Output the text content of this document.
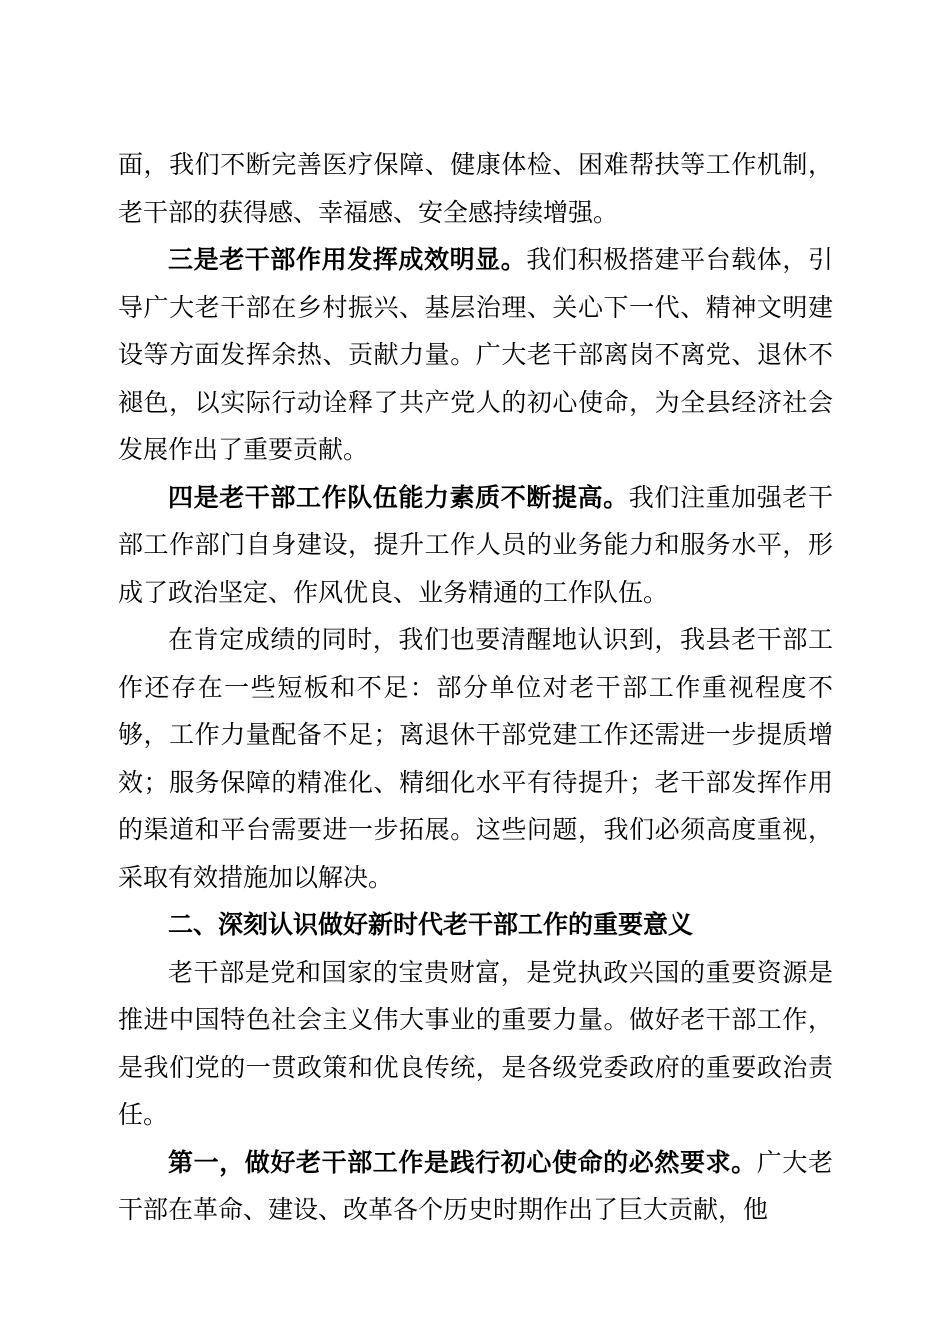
面，我们不断完善医疗保障、健康体检、困难帮扶等工作机制，老干部的获得感、幸福感、安全感持续增强。

三是老干部作用发挥成效明显。我们积极搭建平台载体，引导广大老干部在乡村振兴、基层治理、关心下一代、精神文明建设等方面发挥余热、贡献力量。广大老干部离岗不离党、退休不褪色，以实际行动诠释了共产党人的初心使命，为全县经济社会发展作出了重要贡献。

四是老干部工作队伍能力素质不断提高。我们注重加强老干部工作部门自身建设，提升工作人员的业务能力和服务水平，形成了政治坚定、作风优良、业务精通的工作队伍。

在肯定成绩的同时，我们也要清醒地认识到，我县老干部工作还存在一些短板和不足：部分单位对老干部工作重视程度不够，工作力量配备不足；离退休干部党建工作还需进一步提质增效；服务保障的精准化、精细化水平有待提升；老干部发挥作用的渠道和平台需要进一步拓展。这些问题，我们必须高度重视，采取有效措施加以解决。

二、深刻认识做好新时代老干部工作的重要意义

老干部是党和国家的宝贵财富，是党执政兴国的重要资源是推进中国特色社会主义伟大事业的重要力量。做好老干部工作，是我们党的一贯政策和优良传统，是各级党委政府的重要政治责任。

第一，做好老干部工作是践行初心使命的必然要求。广大老干部在革命、建设、改革各个历史时期作出了巨大贡献，他
